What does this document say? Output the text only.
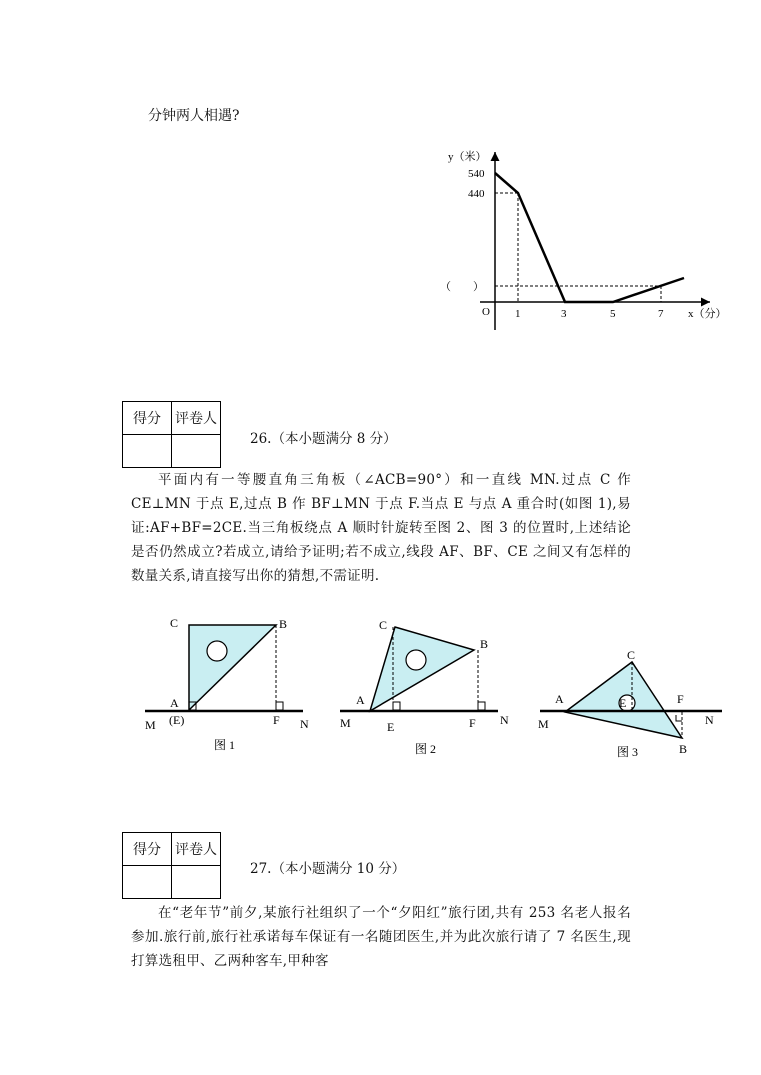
分钟两人相遇?
y（米）
540
440
（　　）
O 1	3	5	7 x（分）
得分	评卷人

26.（本小题满分 8 分）
平面内有一等腰直角三角板（∠ACB=90°）和一直线 MN.过点 C 作 CE⊥MN 于点 E,过点 B 作 BF⊥MN 于点 F.当点 E 与点 A 重合时(如图 1),易证:AF+BF=2CE.当三角板绕点 A 顺时针旋转至图 2、图 3 的位置时,上述结论是否仍然成立?若成立,请给予证明;若不成立,线段 AF、BF、CE 之间又有怎样的数量关系,请直接写出你的猜想,不需证明.
C	B
A
(E)	F
M	N
图 1
C
B
A
E	F
M	N
图 2
C
B
A	E	F
M	N
图 3
得分	评卷人

27.（本小题满分 10 分）
在“老年节”前夕,某旅行社组织了一个“夕阳红”旅行团,共有 253 名老人报名参加.旅行前,旅行社承诺每车保证有一名随团医生,并为此次旅行请了 7 名医生,现打算选租甲、乙两种客车,甲种客
